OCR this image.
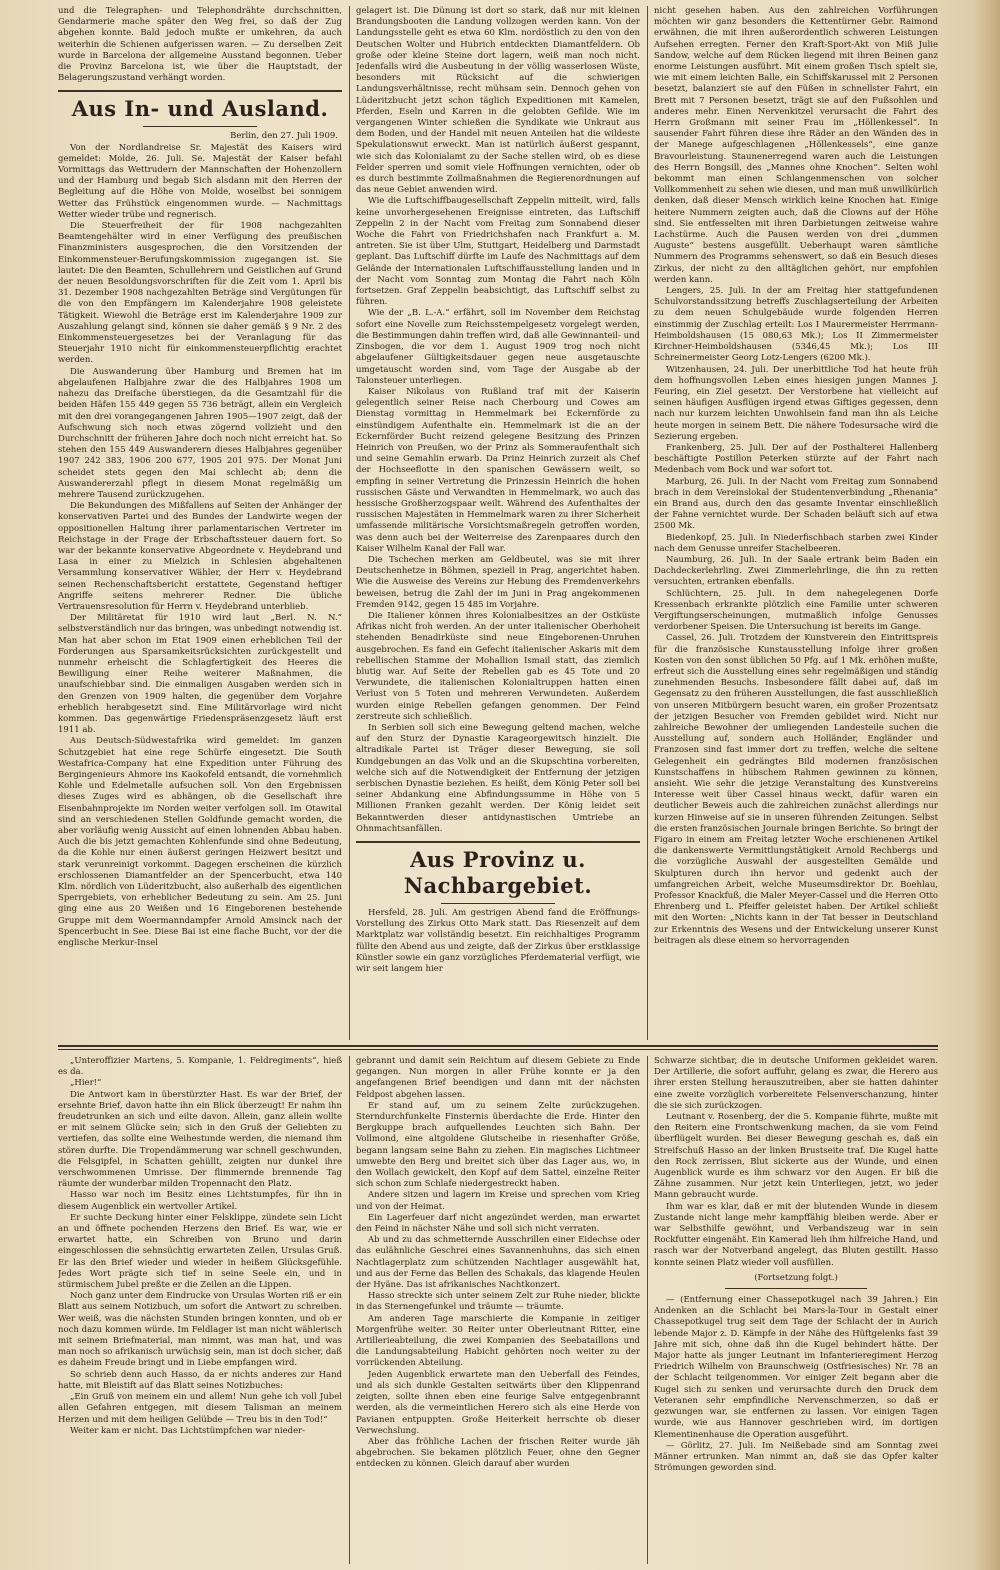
und die Telegraphen- und Telephondrähte durchschnitten, Gendarmerie mache später den Weg frei, so daß der Zug abgehen konnte. Bald jedoch mußte er umkehren, da auch weiterhin die Schienen aufgerissen waren. — Zu derselben Zeit wurde in Barcelona der allgemeine Ausstand begonnen. Ueber die Provinz Barcelona ist, wie über die Hauptstadt, der Belagerungszustand verhängt worden.

Aus In- und Ausland.
Berlin, den 27. Juli 1909.

Von der Nordlandreise Sr. Majestät des Kaisers wird gemeldet: Molde, 26. Juli. Se. Majestät der Kaiser befahl Vormittags das Wettrudern der Mannschaften der Hohenzollern und der Hamburg und begab Sich alsdann mit den Herren der Begleitung auf die Höhe von Molde, woselbst bei sonnigem Wetter das Frühstück eingenommen wurde. — Nachmittags Wetter wieder trübe und regnerisch.

Die Steuerfreiheit der für 1908 nachgezahlten Beamtengehälter wird in einer Verfügung des preußischen Finanzministers ausgesprochen, die den Vorsitzenden der Einkommensteuer-Berufungskommission zugegangen ist. Sie lautet: Die den Beamten, Schullehrern und Geistlichen auf Grund der neuen Besoldungsvorschriften für die Zeit vom 1. April bis 31. Dezember 1908 nachgezahlten Beträge sind Vergütungen für die von den Empfängern im Kalenderjahre 1908 geleistete Tätigkeit. Wiewohl die Beträge erst im Kalenderjahre 1909 zur Auszahlung gelangt sind, können sie daher gemäß § 9 Nr. 2 des Einkommensteuergesetzes bei der Veranlagung für das Steuerjahr 1910 nicht für einkommensteuerpflichtig erachtet werden.

Die Auswanderung über Hamburg und Bremen hat im abgelaufenen Halbjahre zwar die des Halbjahres 1908 um nahezu das Dreifache überstiegen, da die Gesamtzahl für die beiden Häfen 155 449 gegen 55 736 beträgt, allein ein Vergleich mit den drei vorangegangenen Jahren 1905—1907 zeigt, daß der Aufschwung sich noch etwas zögernd vollzieht und den Durchschnitt der früheren Jahre doch noch nicht erreicht hat. So stehen den 155 449 Auswanderern dieses Halbjahres gegenüber 1907 242 383, 1906 200 677, 1905 201 975. Der Monat Juni scheidet stets gegen den Mai schlecht ab; denn die Auswandererzahl pflegt in diesem Monat regelmäßig um mehrere Tausend zurückzugehen.

Die Bekundungen des Mißfallens auf Seiten der Anhänger der konservativen Partei und des Bundes der Landwirte wegen der oppositionellen Haltung ihrer parlamentarischen Vertreter im Reichstage in der Frage der Erbschaftssteuer dauern fort. So war der bekannte konservative Abgeordnete v. Heydebrand und Lasa in einer zu Mielzich in Schlesien abgehaltenen Versammlung konservativer Wähler, der Herr v. Heydebrand seinen Rechenschaftsbericht erstattete, Gegenstand heftiger Angriffe seitens mehrerer Redner. Die übliche Vertrauensresolution für Herrn v. Heydebrand unterblieb.

Der Militäretat für 1910 wird laut „Berl. N. N.“ selbstverständlich nur das bringen, was unbedingt notwendig ist. Man hat aber schon im Etat 1909 einen erheblichen Teil der Forderungen aus Sparsamkeitsrücksichten zurückgestellt und nunmehr erheischt die Schlagfertigkeit des Heeres die Bewilligung einer Reihe weiterer Maßnahmen, die unaufschiebbar sind. Die einmaligen Ausgaben werden sich in den Grenzen von 1909 halten, die gegenüber dem Vorjahre erheblich herabgesetzt sind. Eine Militärvorlage wird nicht kommen. Das gegenwärtige Friedenspräsenzgesetz läuft erst 1911 ab.

Aus Deutsch-Südwestafrika wird gemeldet: Im ganzen Schutzgebiet hat eine rege Schürfe eingesetzt. Die South Westafrica-Company hat eine Expedition unter Führung des Bergingenieurs Ahmore ins Kaokofeld entsandt, die vornehmlich Kohle und Edelmetalle aufsuchen soll. Von den Ergebnissen dieses Zuges wird es abhängen, ob die Gesellschaft ihre Eisenbahnprojekte im Norden weiter verfolgen soll. Im Otawital sind an verschiedenen Stellen Goldfunde gemacht worden, die aber vorläufig wenig Aussicht auf einen lohnenden Abbau haben. Auch die bis jetzt gemachten Kohlenfunde sind ohne Bedeutung, da die Kohle nur einen äußerst geringen Heizwert besitzt und stark verunreinigt vorkommt. Dagegen erscheinen die kürzlich erschlossenen Diamantfelder an der Spencerbucht, etwa 140 Klm. nördlich von Lüderitzbucht, also außerhalb des eigentlichen Sperrgebiets, von erheblicher Bedeutung zu sein. Am 25. Juni ging eine aus 20 Weißen und 16 Eingeborenen bestehende Gruppe mit dem Woermanndampfer Arnold Amsinck nach der Spencerbucht in See. Diese Bai ist eine flache Bucht, vor der die englische Merkur-Insel

gelagert ist. Die Dünung ist dort so stark, daß nur mit kleinen Brandungsbooten die Landung vollzogen werden kann. Von der Landungsstelle geht es etwa 60 Klm. nordöstlich zu den von den Deutschen Wolter und Hubrich entdeckten Diamantfeldern. Ob große oder kleine Steine dort lagern, weiß man noch nicht. Jedenfalls wird die Ausbeutung in der völlig wasserlosen Wüste, besonders mit Rücksicht auf die schwierigen Landungsverhältnisse, recht mühsam sein. Dennoch gehen von Lüderitzbucht jetzt schon täglich Expeditionen mit Kamelen, Pferden, Eseln und Karren in die gelobten Gefilde. Wie im vergangenen Winter schießen die Syndikate wie Unkraut aus dem Boden, und der Handel mit neuen Anteilen hat die wildeste Spekulationswut erweckt. Man ist natürlich äußerst gespannt, wie sich das Kolonialamt zu der Sache stellen wird, ob es diese Felder sperren und somit viele Hoffnungen vernichten, oder ob es durch bestimmte Zollmaßnahmen die Regierenordnungen auf das neue Gebiet anwenden wird.

Wie die Luftschiffbaugesellschaft Zeppelin mitteilt, wird, falls keine unvorhergesehenen Ereignisse eintreten, das Luftschiff Zeppelin 2 in der Nacht vom Freitag zum Sonnabend dieser Woche die Fahrt von Friedrichshafen nach Frankfurt a. M. antreten. Sie ist über Ulm, Stuttgart, Heidelberg und Darmstadt geplant. Das Luftschiff dürfte im Laufe des Nachmittags auf dem Gelände der Internationalen Luftschiffausstellung landen und in der Nacht vom Sonntag zum Montag die Fahrt nach Köln fortsetzen. Graf Zeppelin beabsichtigt, das Luftschiff selbst zu führen.

Wie der „B. L.-A.“ erfährt, soll im November dem Reichstag sofort eine Novelle zum Reichsstempelgesetz vorgelegt werden, die Bestimmungen dahin treffen wird, daß alle Gewinnanteil- und Zinsbogen, die vor dem 1. August 1909 trog noch nicht abgelaufener Gültigkeitsdauer gegen neue ausgetauschte umgetauscht worden sind, vom Tage der Ausgabe ab der Talonsteuer unterliegen.

Kaiser Nikolaus von Rußland traf mit der Kaiserin gelegentlich seiner Reise nach Cherbourg und Cowes am Dienstag vormittag in Hemmelmark bei Eckernförde zu einstündigem Aufenthalte ein. Hemmelmark ist die an der Eckernförder Bucht reizend gelegene Besitzung des Prinzen Heinrich von Preußen, wo der Prinz als Sommeraufenthalt sich und seine Gemahlin erwarb. Da Prinz Heinrich zurzeit als Chef der Hochseeflotte in den spanischen Gewässern weilt, so empfing in seiner Vertretung die Prinzessin Heinrich die hohen russischen Gäste und Verwandten in Hemmelmark, wo auch das hessische Großherzogspaar weilt. Während des Aufenthaltes der russischen Majestäten in Hemmelmark waren zu ihrer Sicherheit umfassende militärische Vorsichtsmaßregeln getroffen worden, was denn auch bei der Weiterreise des Zarenpaares durch den Kaiser Wilhelm Kanal der Fall war.

Die Tschechen merken am Geldbeutel, was sie mit ihrer Deutschenhetze in Böhmen, speziell in Prag, angerichtet haben. Wie die Ausweise des Vereins zur Hebung des Fremdenverkehrs beweisen, betrug die Zahl der im Juni in Prag angekommenen Fremden 9142, gegen 15 485 im Vorjahre.

Die Italiener können ihres Kolonialbesitzes an der Ostküste Afrikas nicht froh werden. An der unter italienischer Oberhoheit stehenden Benadirküste sind neue Eingeborenen-Unruhen ausgebrochen. Es fand ein Gefecht italienischer Askaris mit dem rebellischen Stamme der Mohallion Ismail statt, das ziemlich blutig war. Auf Seite der Rebellen gab es 45 Tote und 20 Verwundete, die italienischen Kolonialtruppen hatten einen Verlust von 5 Toten und mehreren Verwundeten. Außerdem wurden einige Rebellen gefangen genommen. Der Feind zerstreute sich schließlich.

In Serbien soll sich eine Bewegung geltend machen, welche auf den Sturz der Dynastie Karageorgewitsch hinzielt. Die altradikale Partei ist Träger dieser Bewegung, sie soll Kundgebungen an das Volk und an die Skupschtina vorbereiten, welche sich auf die Notwendigkeit der Entfernung der jetzigen serbischen Dynastie beziehen. Es heißt, dem König Peter soll bei seiner Abdankung eine Abfindungssumme in Höhe von 5 Millionen Franken gezahlt werden. Der König leidet seit Bekanntwerden dieser antidynastischen Umtriebe an Ohnmachtsanfällen.

Aus Provinz u. Nachbargebiet.

Hersfeld, 28. Juli. Am gestrigen Abend fand die Eröffnungs-Vorstellung des Zirkus Otto Mark statt. Das Riesenzelt auf dem Marktplatz war vollständig besetzt. Ein reichhaltiges Programm füllte den Abend aus und zeigte, daß der Zirkus über erstklassige Künstler sowie ein ganz vorzügliches Pferdematerial verfügt, wie wir seit langem hier

nicht gesehen haben. Aus den zahlreichen Vorführungen möchten wir ganz besonders die Kettentürner Gebr. Raimond erwähnen, die mit ihren außerordentlich schweren Leistungen Aufsehen erregten. Ferner den Kraft-Sport-Akt von Miß Julie Sandow, welche auf dem Rücken liegend mit ihren Beinen ganz enorme Leistungen ausführt. Mit einem großen Tisch spielt sie, wie mit einem leichten Balle, ein Schiffskarussel mit 2 Personen besetzt, balanziert sie auf den Füßen in schnellster Fahrt, ein Brett mit 7 Personen besetzt, trägt sie auf den Fußsohlen und anderes mehr. Einen Nervenkitzel verursacht die Fahrt des Herrn Großmann mit seiner Frau im „Höllenkessel“. In sausender Fahrt führen diese ihre Räder an den Wänden des in der Manege aufgeschlagenen „Höllenkessels“, eine ganze Bravourleistung. Staunenerregend waren auch die Leistungen des Herrn Bongsill, des „Mannes ohne Knochen“. Selten wohl bekommt man einen Schlangenmenschen von solcher Vollkommenheit zu sehen wie diesen, und man muß unwillkürlich denken, daß dieser Mensch wirklich keine Knochen hat. Einige heitere Nummern zeigten auch, daß die Clowns auf der Höhe sind. Sie entfesselten mit ihren Darbietungen zeitweise wahre Lachstürme. Auch die Pausen werden von drei „dummen Auguste“ bestens ausgefüllt. Ueberhaupt waren sämtliche Nummern des Programms sehenswert, so daß ein Besuch dieses Zirkus, der nicht zu den alltäglichen gehört, nur empfohlen werden kann.

Lengers, 25. Juli. In der am Freitag hier stattgefundenen Schulvorstandssitzung betreffs Zuschlagserteilung der Arbeiten zu dem neuen Schulgebäude wurde folgenden Herren einstimmig der Zuschlag erteilt: Los I Maurermeister Herrmann-Heimboldshausen (15 080,63 Mk.); Los II Zimmermeister Kirchner-Heimboldshausen (5346,45 Mk.); Los III Schreinermeister Georg Lotz-Lengers (6200 Mk.).

Witzenhausen, 24. Juli. Der unerbittliche Tod hat heute früh dem hoffnungsvollen Leben eines hiesigen jungen Mannes J. Feuring, ein Ziel gesetzt. Der Verstorbene hat vielleicht auf seinen häufigen Ausflügen irgend etwas Giftiges gegessen, denn nach nur kurzem leichten Unwohlsein fand man ihn als Leiche heute morgen in seinem Bett. Die nähere Todesursache wird die Sezierung ergeben.

Frankenberg, 25. Juli. Der auf der Posthalterei Hallenberg beschäftigte Postillon Peterken stürzte auf der Fahrt nach Medenbach vom Bock und war sofort tot.

Marburg, 26. Juli. In der Nacht vom Freitag zum Sonnabend brach in dem Vereinslokal der Studentenverbindung „Rhenania“ ein Brand aus, durch den das gesamte Inventar einschließlich der Fahne vernichtet wurde. Der Schaden beläuft sich auf etwa 2500 Mk.

Biedenkopf, 25. Juli. In Niederfischbach starben zwei Kinder nach dem Genusse unreifer Stachelbeeren.

Naumburg, 26. Juli. In der Saale ertrank beim Baden ein Dachdeckerlehrling. Zwei Zimmerlehrlinge, die ihn zu retten versuchten, ertranken ebenfalls.

Schlüchtern, 25. Juli. In dem nahegelegenen Dorfe Kressenbach erkrankte plötzlich eine Familie unter schweren Vergiftungserscheinungen, mutmaßlich infolge Genusses verdorbener Speisen. Die Untersuchung ist bereits im Gange.

Cassel, 26. Juli. Trotzdem der Kunstverein den Eintrittspreis für die französische Kunstausstellung infolge ihrer großen Kosten von den sonst üblichen 50 Pfg. auf 1 Mk. erhöhen mußte, erfreut sich die Ausstellung eines sehr regelmäßigen und ständig zunehmenden Besuchs. Insbesondere fällt dabei auf, daß im Gegensatz zu den früheren Ausstellungen, die fast ausschließlich von unseren Mitbürgern besucht waren, ein großer Prozentsatz der jetzigen Besucher von Fremden gebildet wird. Nicht nur zahlreiche Bewohner der umliegenden Landesteile suchen die Ausstellung auf, sondern auch Holländer, Engländer und Franzosen sind fast immer dort zu treffen, welche die seltene Gelegenheit ein gedrängtes Bild modernen französischen Kunstschaffens in hübschem Rahmen gewinnen zu können, ansieht. Wie sehr die jetzige Veranstaltung des Kunstvereins Interesse weit über Cassel hinaus weckt, dafür waren ein deutlicher Beweis auch die zahlreichen zunächst allerdings nur kurzen Hinweise auf sie in unseren führenden Zeitungen. Selbst die ersten französischen Journale bringen Berichte. So bringt der Figaro in einem am Freitag letzter Woche erschienenen Artikel die dankenswerte Vermittlungstätigkeit Arnold Rechbergs und die vorzügliche Auswahl der ausgestellten Gemälde und Skulpturen durch ihn hervor und gedenkt auch der umfangreichen Arbeit, welche Museumsdirektor Dr. Boehlau, Professor Knackfuß, die Maler Meyer-Cassel und die Herren Otto Ehrenberg und L. Pfeiffer geleistet haben. Der Artikel schließt mit den Worten: „Nichts kann in der Tat besser in Deutschland zur Erkenntnis des Wesens und der Entwickelung unserer Kunst beitragen als diese einem so hervorragenden

„Unteroffizier Martens, 5. Kompanie, 1. Feldregiments“, hieß es da.

„Hier!“

Die Antwort kam in überstürzter Hast. Es war der Brief, der ersehnte Brief, davon hatte ihn ein Blick überzeugt! Er nahm ihn freudetrunken an sich und eilte davon. Allein, ganz allein wollte er mit seinem Glücke sein; sich in den Gruß der Geliebten zu vertiefen, das sollte eine Weihestunde werden, die niemand ihm stören durfte. Die Tropendämmerung war schnell geschwunden, die Felsgipfel, in Schatten gehüllt, zeigten nur dunkel ihre verschwommenen Umrisse. Der flimmernde brennende Tag räumte der wunderbar milden Tropennacht den Platz.

Hasso war noch im Besitz eines Lichtstumpfes, für ihn in diesem Augenblick ein wertvoller Artikel.

Er suchte Deckung hinter einer Felsklippe, zündete sein Licht an und öffnete pochenden Herzens den Brief. Es war, wie er erwartet hatte, ein Schreiben von Bruno und darin eingeschlossen die sehnsüchtig erwarteten Zeilen, Ursulas Gruß. Er las den Brief wieder und wieder in heißem Glücksgefühle. Jedes Wort prägte sich tief in seine Seele ein, und in stürmischem Jubel preßte er die Zeilen an die Lippen.

Noch ganz unter dem Eindrucke von Ursulas Worten riß er ein Blatt aus seinem Notizbuch, um sofort die Antwort zu schreiben. Wer weiß, was die nächsten Stunden bringen konnten, und ob er noch dazu kommen würde. Im Feldlager ist man nicht wählerisch mit seinem Briefmaterial, man nimmt, was man hat, und was man noch so afrikanisch urwüchsig sein, man ist doch sicher, daß es daheim Freude bringt und in Liebe empfangen wird.

So schrieb denn auch Hasso, da er nichts anderes zur Hand hatte, mit Bleistift auf das Blatt seines Notizbuches:

„Ein Gruß von meinem ein und allem! Nun gehe ich voll Jubel allen Gefahren entgegen, mit diesem Talisman an meinem Herzen und mit dem heiligen Gelübde — Treu bis in den Tod!“

Weiter kam er nicht. Das Lichtstümpfchen war nieder-

gebrannt und damit sein Reichtum auf diesem Gebiete zu Ende gegangen. Nun morgen in aller Frühe konnte er ja den angefangenen Brief beendigen und dann mit der nächsten Feldpost abgehen lassen.

Er stand auf, um zu seinem Zelte zurückzugehen. Sterndurchfunkelte Finsternis überdachte die Erde. Hinter den Bergkuppe brach aufquellendes Leuchten sich Bahn. Der Vollmond, eine altgoldene Glutscheibe in riesenhafter Größe, begann langsam seine Bahn zu ziehen. Ein magisches Lichtmeer umwebte den Berg und breitet sich über das Lager aus, wo, in den Wollach gewickelt, den Kopf auf dem Sattel, einzelne Reiter sich schon zum Schlafe niedergestreckt haben.

Andere sitzen und lagern im Kreise und sprechen vom Krieg und von der Heimat.

Ein Lagerfeuer darf nicht angezündet werden, man erwartet den Feind in nächster Nähe und soll sich nicht verraten.

Ab und zu das schmetternde Ausschrillen einer Eidechse oder das eulähnliche Geschrei eines Savannenhuhns, das sich einen Nachtlagerplatz zum schützenden Nachtlager ausgewählt hat, und aus der Ferne das Bellen des Schakals, das klagende Heulen der Hyäne. Das ist afrikanisches Nachtkonzert.

Hasso streckte sich unter seinem Zelt zur Ruhe nieder, blickte in das Sternengefunkel und träumte — träumte.

Am anderen Tage marschierte die Kompanie in zeitiger Morgenfrühe weiter. 30 Reiter unter Oberleutnant Ritter, eine Artillerieabteilung, die zwei Kompanien des Seebataillons und die Landungsabteilung Habicht gehörten noch weiter zu der vorrückenden Abteilung.

Jeden Augenblick erwartete man den Ueberfall des Feindes, und als sich dunkle Gestalten seitwärts über den Klippenrand zeigten, sollte ihnen eben eine feurige Salve entgegenbrannt werden, als die vermeintlichen Herero sich als eine Herde von Pavianen entpuppten. Große Heiterkeit herrschte ob dieser Verwechslung.

Aber das fröhliche Lachen der frischen Reiter wurde jäh abgebrochen. Sie bekamen plötzlich Feuer, ohne den Gegner entdecken zu können. Gleich darauf aber wurden

Schwarze sichtbar, die in deutsche Uniformen gekleidet waren. Der Artillerie, die sofort auffuhr, gelang es zwar, die Herero aus ihrer ersten Stellung herauszutreiben, aber sie hatten dahinter eine zweite vorzüglich vorbereitete Felsenverschanzung, hinter die sie sich zurückzogen.

Leutnant v. Rosenberg, der die 5. Kompanie führte, mußte mit den Reitern eine Frontschwenkung machen, da sie vom Feind überflügelt wurden. Bei dieser Bewegung geschah es, daß ein Streifschuß Hasso an der linken Brustseite traf. Die Kugel hatte den Rock zerrissen, Blut sickerte aus der Wunde, und einen Augenblick wurde es ihm schwarz vor den Augen. Er biß die Zähne zusammen. Nur jetzt kein Unterliegen, jetzt, wo jeder Mann gebraucht wurde.

Ihm war es klar, daß er mit der blutenden Wunde in diesem Zustande nicht lange mehr kampffähig bleiben werde. Aber er war Selbsthilfe gewöhnt, und Verbandszeug war in sein Rockfutter eingenäht. Ein Kamerad lieh ihm hilfreiche Hand, und rasch war der Notverband angelegt, das Bluten gestillt. Hasso konnte seinen Platz wieder voll ausfüllen.

(Fortsetzung folgt.)

— (Entfernung einer Chassepotkugel nach 39 Jahren.) Ein Andenken an die Schlacht bei Mars-la-Tour in Gestalt einer Chassepotkugel trug seit dem Tage der Schlacht der in Aurich lebende Major z. D. Kämpfe in der Nähe des Hüftgelenks fast 39 Jahre mit sich, ohne daß ihn die Kugel behindert hätte. Der Major hatte als junger Leutnant im Infanterieregiment Herzog Friedrich Wilhelm von Braunschweig (Ostfriesisches) Nr. 78 an der Schlacht teilgenommen. Vor einiger Zeit begann aber die Kugel sich zu senken und verursachte durch den Druck dem Veteranen sehr empfindliche Nervenschmerzen, so daß er gezwungen war, sie entfernen zu lassen. Vor einigen Tagen wurde, wie aus Hannover geschrieben wird, im dortigen Klementinenhause die Operation ausgeführt.

— Görlitz, 27. Juli. Im Neißebade sind am Sonntag zwei Männer ertrunken. Man nimmt an, daß sie das Opfer kalter Strömungen geworden sind.
